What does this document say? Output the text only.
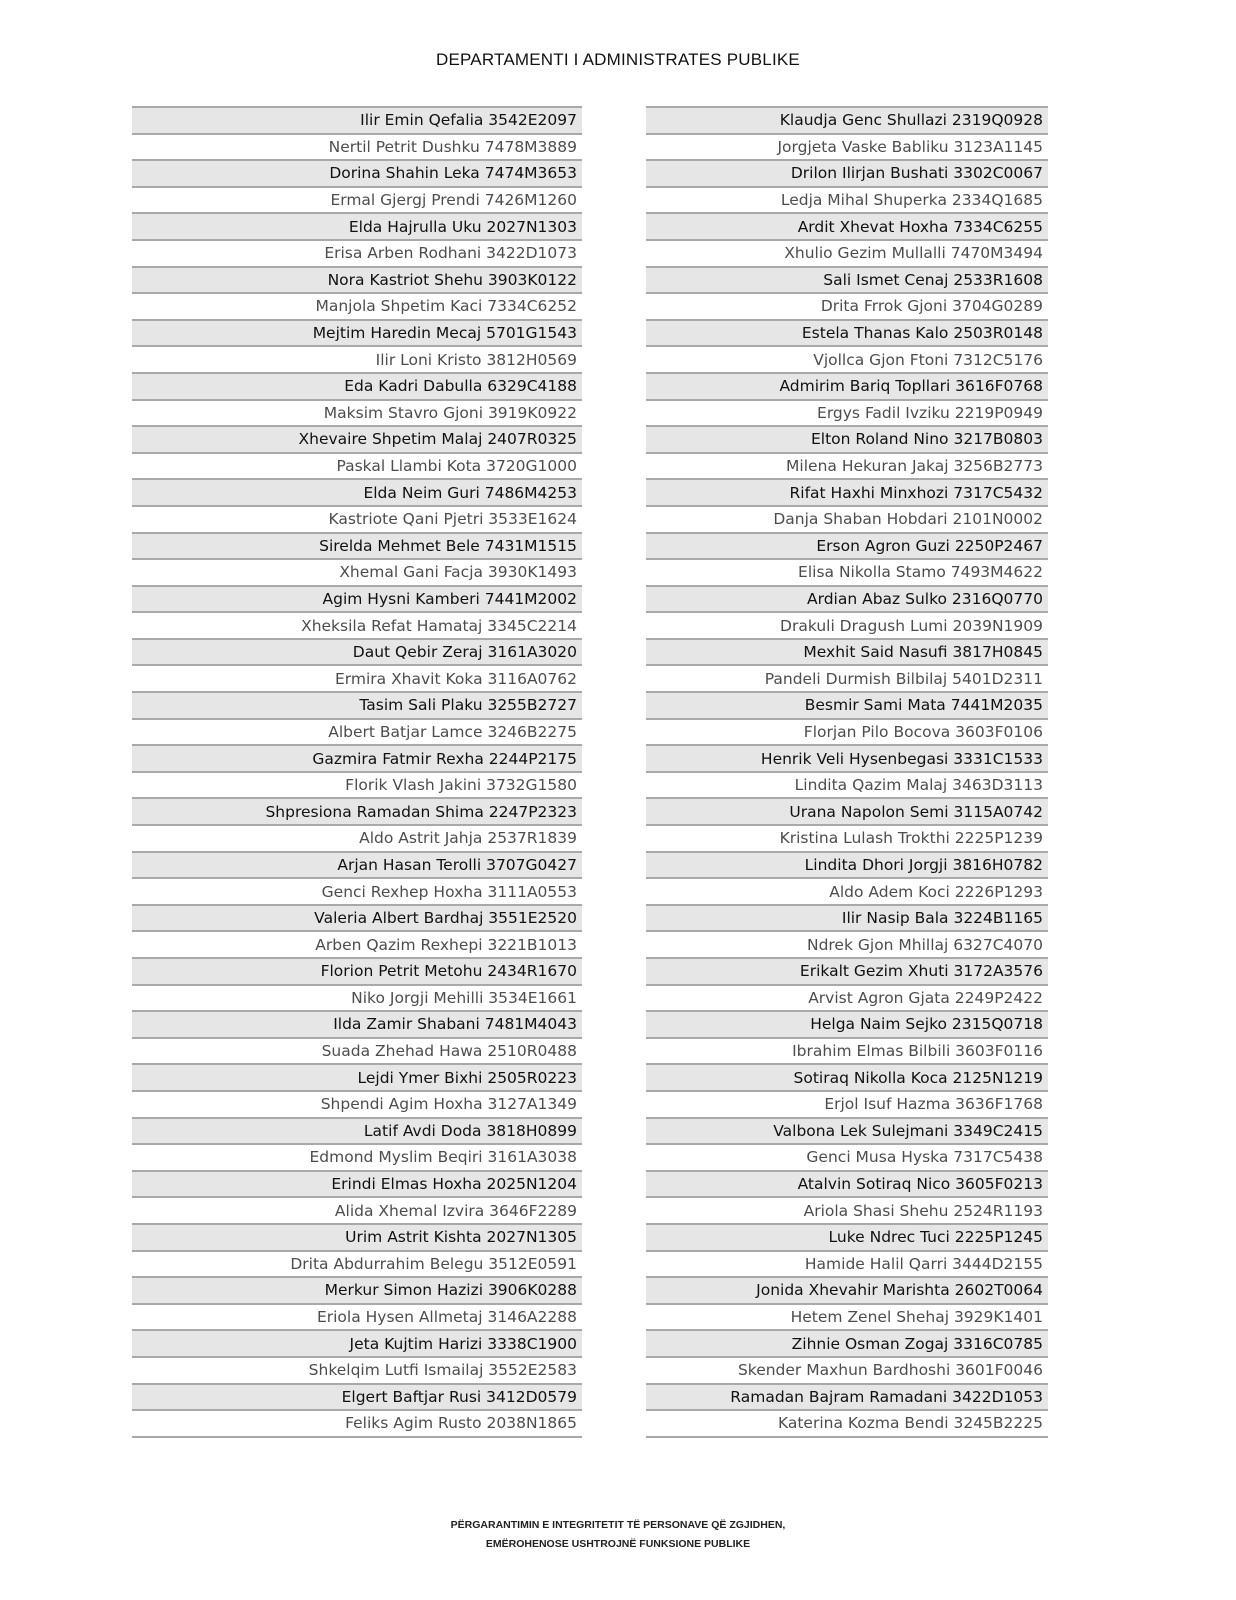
DEPARTAMENTI I ADMINISTRATES PUBLIKE
Ilir Emin Qefalia 3542E2097
Nertil Petrit Dushku 7478M3889
Dorina Shahin Leka 7474M3653
Ermal Gjergj Prendi 7426M1260
Elda Hajrulla Uku 2027N1303
Erisa Arben Rodhani 3422D1073
Nora Kastriot Shehu 3903K0122
Manjola Shpetim Kaci 7334C6252
Mejtim Haredin Mecaj 5701G1543
Ilir Loni Kristo 3812H0569
Eda Kadri Dabulla 6329C4188
Maksim Stavro Gjoni 3919K0922
Xhevaire Shpetim Malaj 2407R0325
Paskal Llambi Kota 3720G1000
Elda Neim Guri 7486M4253
Kastriote Qani Pjetri 3533E1624
Sirelda Mehmet Bele 7431M1515
Xhemal Gani Facja 3930K1493
Agim Hysni Kamberi 7441M2002
Xheksila Refat Hamataj 3345C2214
Daut Qebir Zeraj 3161A3020
Ermira Xhavit Koka 3116A0762
Tasim Sali Plaku 3255B2727
Albert Batjar Lamce 3246B2275
Gazmira Fatmir Rexha 2244P2175
Florik Vlash Jakini 3732G1580
Shpresiona Ramadan Shima 2247P2323
Aldo Astrit Jahja 2537R1839
Arjan Hasan Terolli 3707G0427
Genci Rexhep Hoxha 3111A0553
Valeria Albert Bardhaj 3551E2520
Arben Qazim Rexhepi 3221B1013
Florion Petrit Metohu 2434R1670
Niko Jorgji Mehilli 3534E1661
Ilda Zamir Shabani 7481M4043
Suada Zhehad Hawa 2510R0488
Lejdi Ymer Bixhi 2505R0223
Shpendi Agim Hoxha 3127A1349
Latif Avdi Doda 3818H0899
Edmond Myslim Beqiri 3161A3038
Erindi Elmas Hoxha 2025N1204
Alida Xhemal Izvira 3646F2289
Urim Astrit Kishta 2027N1305
Drita Abdurrahim Belegu 3512E0591
Merkur Simon Hazizi 3906K0288
Eriola Hysen Allmetaj 3146A2288
Jeta Kujtim Harizi 3338C1900
Shkelqim Lutfi Ismailaj 3552E2583
Elgert Baftjar Rusi 3412D0579
Feliks Agim Rusto 2038N1865
Klaudja Genc Shullazi 2319Q0928
Jorgjeta Vaske Babliku 3123A1145
Drilon Ilirjan Bushati 3302C0067
Ledja Mihal Shuperka 2334Q1685
Ardit Xhevat Hoxha 7334C6255
Xhulio Gezim Mullalli 7470M3494
Sali Ismet Cenaj 2533R1608
Drita Frrok Gjoni 3704G0289
Estela Thanas Kalo 2503R0148
Vjollca Gjon Ftoni 7312C5176
Admirim Bariq Topllari 3616F0768
Ergys Fadil Ivziku 2219P0949
Elton Roland Nino 3217B0803
Milena Hekuran Jakaj 3256B2773
Rifat Haxhi Minxhozi 7317C5432
Danja Shaban Hobdari 2101N0002
Erson Agron Guzi 2250P2467
Elisa Nikolla Stamo 7493M4622
Ardian Abaz Sulko 2316Q0770
Drakuli Dragush Lumi 2039N1909
Mexhit Said Nasufi 3817H0845
Pandeli Durmish Bilbilaj 5401D2311
Besmir Sami Mata 7441M2035
Florjan Pilo Bocova 3603F0106
Henrik Veli Hysenbegasi 3331C1533
Lindita Qazim Malaj 3463D3113
Urana Napolon Semi 3115A0742
Kristina Lulash Trokthi 2225P1239
Lindita Dhori Jorgji 3816H0782
Aldo Adem Koci 2226P1293
Ilir Nasip Bala 3224B1165
Ndrek Gjon Mhillaj 6327C4070
Erikalt Gezim Xhuti 3172A3576
Arvist Agron Gjata 2249P2422
Helga Naim Sejko 2315Q0718
Ibrahim Elmas Bilbili 3603F0116
Sotiraq Nikolla Koca 2125N1219
Erjol Isuf Hazma 3636F1768
Valbona Lek Sulejmani 3349C2415
Genci Musa Hyska 7317C5438
Atalvin Sotiraq Nico 3605F0213
Ariola Shasi Shehu 2524R1193
Luke Ndrec Tuci 2225P1245
Hamide Halil Qarri 3444D2155
Jonida Xhevahir Marishta 2602T0064
Hetem Zenel Shehaj 3929K1401
Zihnie Osman Zogaj 3316C0785
Skender Maxhun Bardhoshi 3601F0046
Ramadan Bajram Ramadani 3422D1053
Katerina Kozma Bendi 3245B2225
PËRGARANTIMIN E INTEGRITETIT TË PERSONAVE QË ZGJIDHEN,
EMËROHENOSE USHTROJNË FUNKSIONE PUBLIKE
